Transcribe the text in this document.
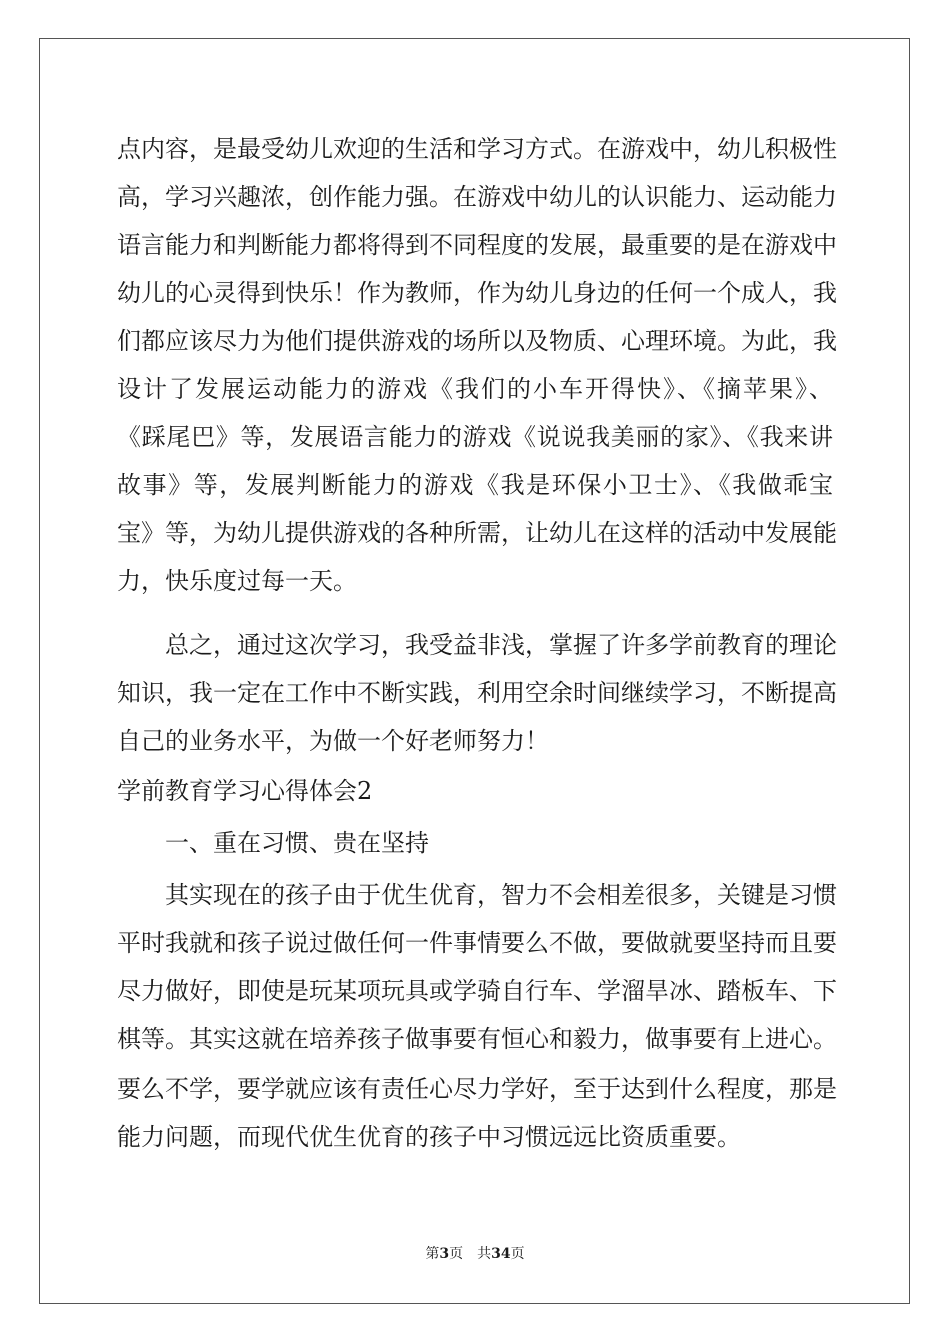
点内容，是最受幼儿欢迎的生活和学习方式。在游戏中，幼儿积极性
高，学习兴趣浓，创作能力强。在游戏中幼儿的认识能力、运动能力
语言能力和判断能力都将得到不同程度的发展，最重要的是在游戏中
幼儿的心灵得到快乐！作为教师，作为幼儿身边的任何一个成人，我
们都应该尽力为他们提供游戏的场所以及物质、心理环境。为此，我
设计了发展运动能力的游戏《我们的小车开得快》、《摘苹果》、
《踩尾巴》等，发展语言能力的游戏《说说我美丽的家》、《我来讲
故事》等，发展判断能力的游戏《我是环保小卫士》、《我做乖宝
宝》等，为幼儿提供游戏的各种所需，让幼儿在这样的活动中发展能
力，快乐度过每一天。
总之，通过这次学习，我受益非浅，掌握了许多学前教育的理论
知识，我一定在工作中不断实践，利用空余时间继续学习，不断提高
自己的业务水平，为做一个好老师努力！
学前教育学习心得体会2
一、重在习惯、贵在坚持
其实现在的孩子由于优生优育，智力不会相差很多，关键是习惯
平时我就和孩子说过做任何一件事情要么不做，要做就要坚持而且要
尽力做好，即使是玩某项玩具或学骑自行车、学溜旱冰、踏板车、下
棋等。其实这就在培养孩子做事要有恒心和毅力，做事要有上进心。
要么不学，要学就应该有责任心尽力学好，至于达到什么程度，那是
能力问题，而现代优生优育的孩子中习惯远远比资质重要。
第3页 共34页
